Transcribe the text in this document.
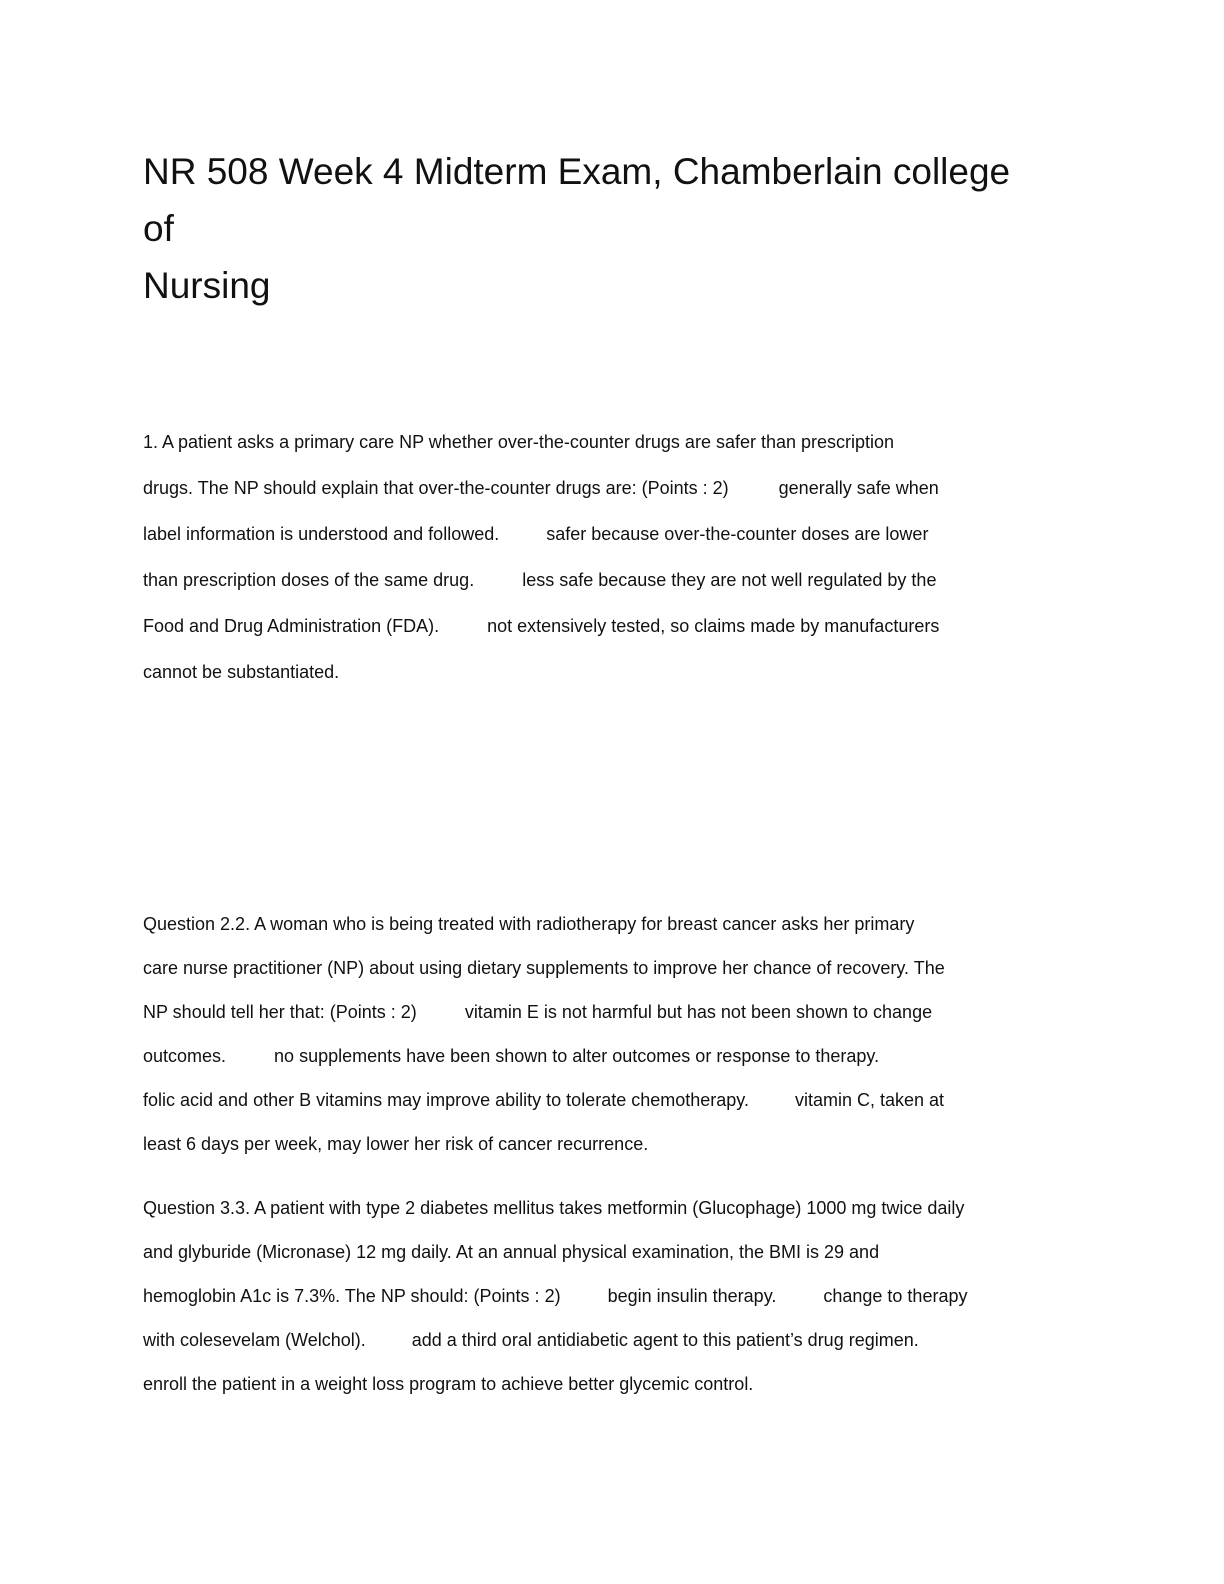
NR 508 Week 4 Midterm Exam, Chamberlain college
of
Nursing
1. A patient asks a primary care NP whether over-the-counter drugs are safer than prescription
drugs. The NP should explain that over-the-counter drugs are: (Points : 2)	generally safe when
label information is understood and followed.	safer because over-the-counter doses are lower
than prescription doses of the same drug.	less safe because they are not well regulated by the
Food and Drug Administration (FDA).	not extensively tested, so claims made by manufacturers
cannot be substantiated.
Question 2.2. A woman who is being treated with radiotherapy for breast cancer asks her primary
care nurse practitioner (NP) about using dietary supplements to improve her chance of recovery. The
NP should tell her that: (Points : 2)	vitamin E is not harmful but has not been shown to change
outcomes.	no supplements have been shown to alter outcomes or response to therapy.
folic acid and other B vitamins may improve ability to tolerate chemotherapy.	vitamin C, taken at
least 6 days per week, may lower her risk of cancer recurrence.
Question 3.3. A patient with type 2 diabetes mellitus takes metformin (Glucophage) 1000 mg twice daily
and glyburide (Micronase) 12 mg daily. At an annual physical examination, the BMI is 29 and
hemoglobin A1c is 7.3%. The NP should: (Points : 2)	begin insulin therapy.	change to therapy
with colesevelam (Welchol).	add a third oral antidiabetic agent to this patient’s drug regimen.
enroll the patient in a weight loss program to achieve better glycemic control.
